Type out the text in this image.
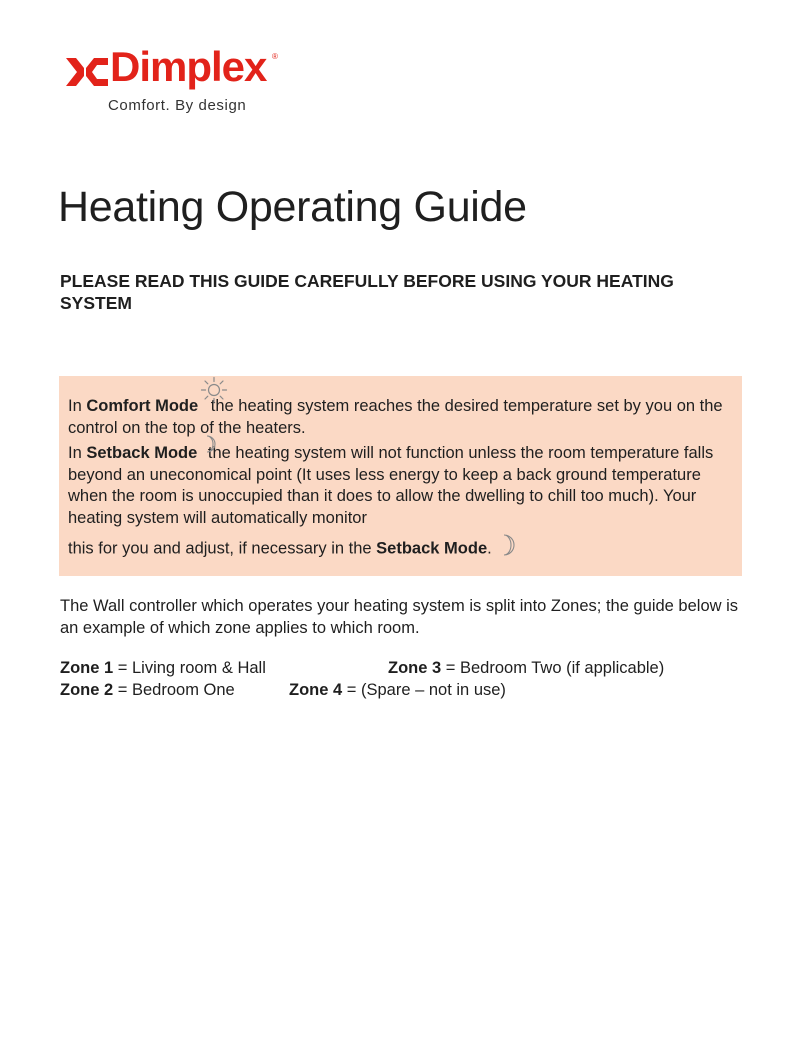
Dimplex ®
Comfort. By design
Heating Operating Guide
PLEASE READ THIS GUIDE CAREFULLY BEFORE USING YOUR HEATING SYSTEM

In Comfort Mode the heating system reaches the desired temperature set by you on the control on the top of the heaters.

In Setback Mode the heating system will not function unless the room temperature falls beyond an uneconomical point (It uses less energy to keep a back ground temperature when the room is unoccupied than it does to allow the dwelling to chill too much). Your heating system will automatically monitor

this for you and adjust, if necessary in the Setback Mode.

The Wall controller which operates your heating system is split into Zones; the guide below is an example of which zone applies to which room.

Zone 1 = Living room & Hall	Zone 3 = Bedroom Two (if applicable)
Zone 2 = Bedroom One	Zone 4 = (Spare – not in use)
